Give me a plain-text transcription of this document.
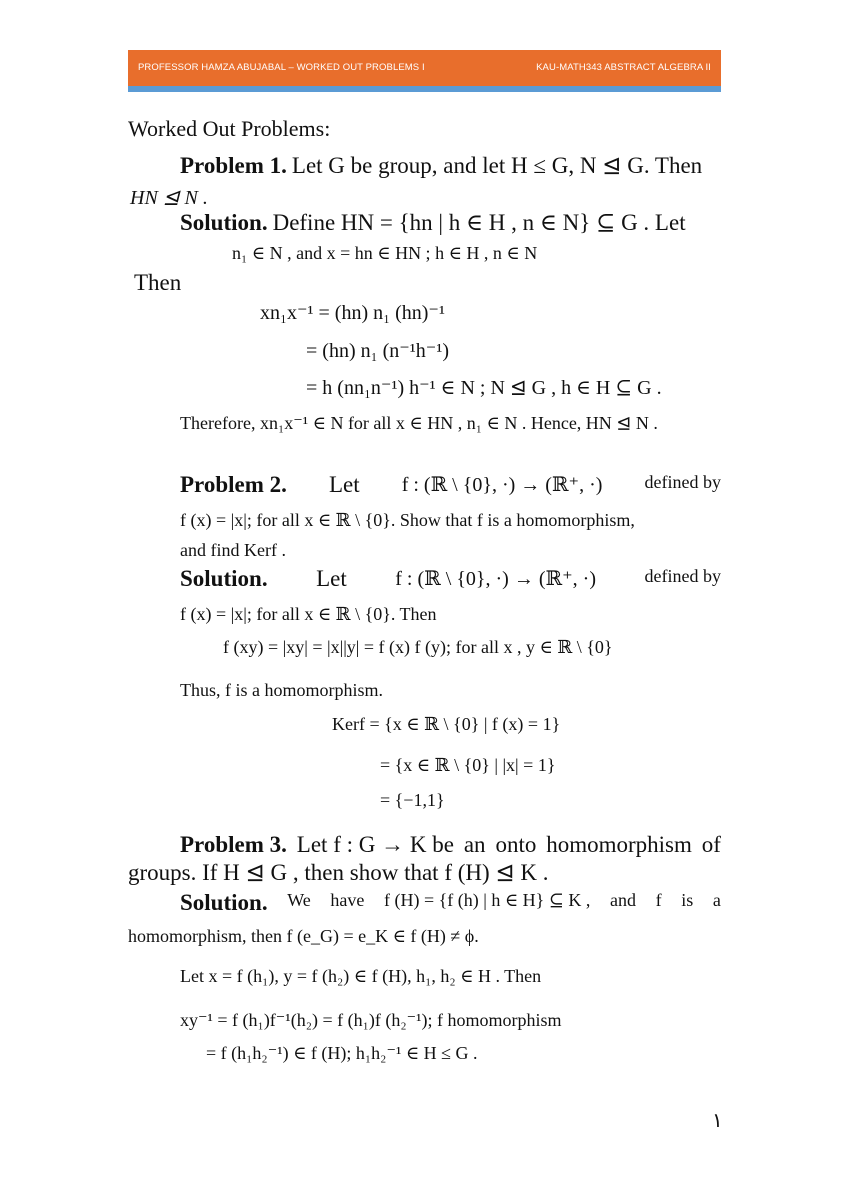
PROFESSOR HAMZA ABUJABAL – WORKED OUT PROBLEMS I	KAU-MATH343 ABSTRACT ALGEBRA II
Worked Out Problems:
Problem 1. Let G be group, and let H ≤ G, N ⊴ G. Then
HN ⊴ N .
Solution. Define HN = {hn | h ∈ H , n ∈ N} ⊆ G . Let
n₁ ∈ N , and x = hn ∈ HN ; h ∈ H , n ∈ N
Then
xn₁x⁻¹ = (hn) n₁ (hn)⁻¹
= (hn) n₁ (n⁻¹h⁻¹)
= h (nn₁n⁻¹) h⁻¹ ∈ N ; N ⊴ G , h ∈ H ⊆ G .
Therefore, xn₁x⁻¹ ∈ N for all x ∈ HN , n₁ ∈ N . Hence, HN ⊴ N .
Problem 2. Let f : (ℝ \ {0}, ·) → (ℝ⁺, ·) defined by
f (x) = |x|; for all x ∈ ℝ \ {0}. Show that f is a homomorphism,
and find Kerf .
Solution. Let f : (ℝ \ {0}, ·) → (ℝ⁺, ·)	defined by
f (x) = |x|; for all x ∈ ℝ \ {0}. Then
f (xy) = |xy| = |x||y| = f (x) f (y); for all x , y ∈ ℝ \ {0}
Thus, f is a homomorphism.
Kerf = {x ∈ ℝ \ {0} | f (x) = 1}
= {x ∈ ℝ \ {0} | |x| = 1}
= {−1,1}
Problem 3. Let f : G → K be an onto homomorphism of
groups. If H ⊴ G , then show that f (H) ⊴ K .
Solution. We have f (H) = {f (h) | h ∈ H} ⊆ K , and f is a
homomorphism, then f (e_G) = e_K ∈ f (H) ≠ ϕ.
Let x = f (h₁), y = f (h₂) ∈ f (H), h₁, h₂ ∈ H . Then
xy⁻¹ = f (h₁)f⁻¹(h₂) = f (h₁)f (h₂⁻¹); f homomorphism
= f (h₁h₂⁻¹) ∈ f (H); h₁h₂⁻¹ ∈ H ≤ G .
١
